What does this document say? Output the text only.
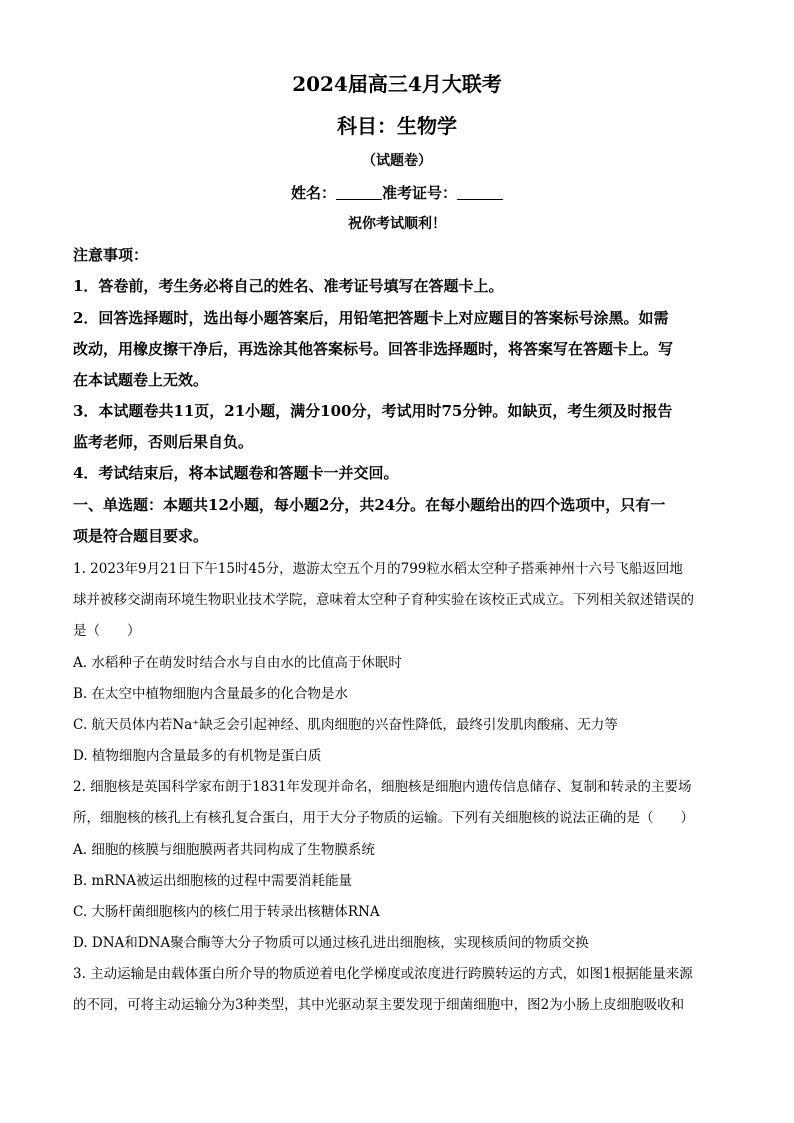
2024届高三4月大联考
科目：生物学
（试题卷）
姓名：	准考证号：
祝你考试顺利！
注意事项：
1．答卷前，考生务必将自己的姓名、准考证号填写在答题卡上。
2．回答选择题时，选出每小题答案后，用铅笔把答题卡上对应题目的答案标号涂黑。如需
改动，用橡皮擦干净后，再选涂其他答案标号。回答非选择题时，将答案写在答题卡上。写
在本试题卷上无效。
3．本试题卷共11页，21小题，满分100分，考试用时75分钟。如缺页，考生须及时报告
监考老师，否则后果自负。
4．考试结束后，将本试题卷和答题卡一并交回。
一、单选题：本题共12小题，每小题2分，共24分。在每小题给出的四个选项中，只有一
项是符合题目要求。
1. 2023年9月21日下午15时45分，遨游太空五个月的799粒水稻太空种子搭乘神州十六号飞船返回地
球并被移交湖南环境生物职业技术学院，意味着太空种子育种实验在该校正式成立。下列相关叙述错误的
是（　　）
A. 水稻种子在萌发时结合水与自由水的比值高于休眠时
B. 在太空中植物细胞内含量最多的化合物是水
C. 航天员体内若Na⁺缺乏会引起神经、肌肉细胞的兴奋性降低，最终引发肌肉酸痛、无力等
D. 植物细胞内含量最多的有机物是蛋白质
2. 细胞核是英国科学家布朗于1831年发现并命名，细胞核是细胞内遗传信息储存、复制和转录的主要场
所，细胞核的核孔上有核孔复合蛋白，用于大分子物质的运输。下列有关细胞核的说法正确的是（　　）
A. 细胞的核膜与细胞膜两者共同构成了生物膜系统
B. mRNA被运出细胞核的过程中需要消耗能量
C. 大肠杆菌细胞核内的核仁用于转录出核糖体RNA
D. DNA和DNA聚合酶等大分子物质可以通过核孔进出细胞核，实现核质间的物质交换
3. 主动运输是由载体蛋白所介导的物质逆着电化学梯度或浓度进行跨膜转运的方式，如图1根据能量来源
的不同，可将主动运输分为3种类型，其中光驱动泵主要发现于细菌细胞中，图2为小肠上皮细胞吸收和
